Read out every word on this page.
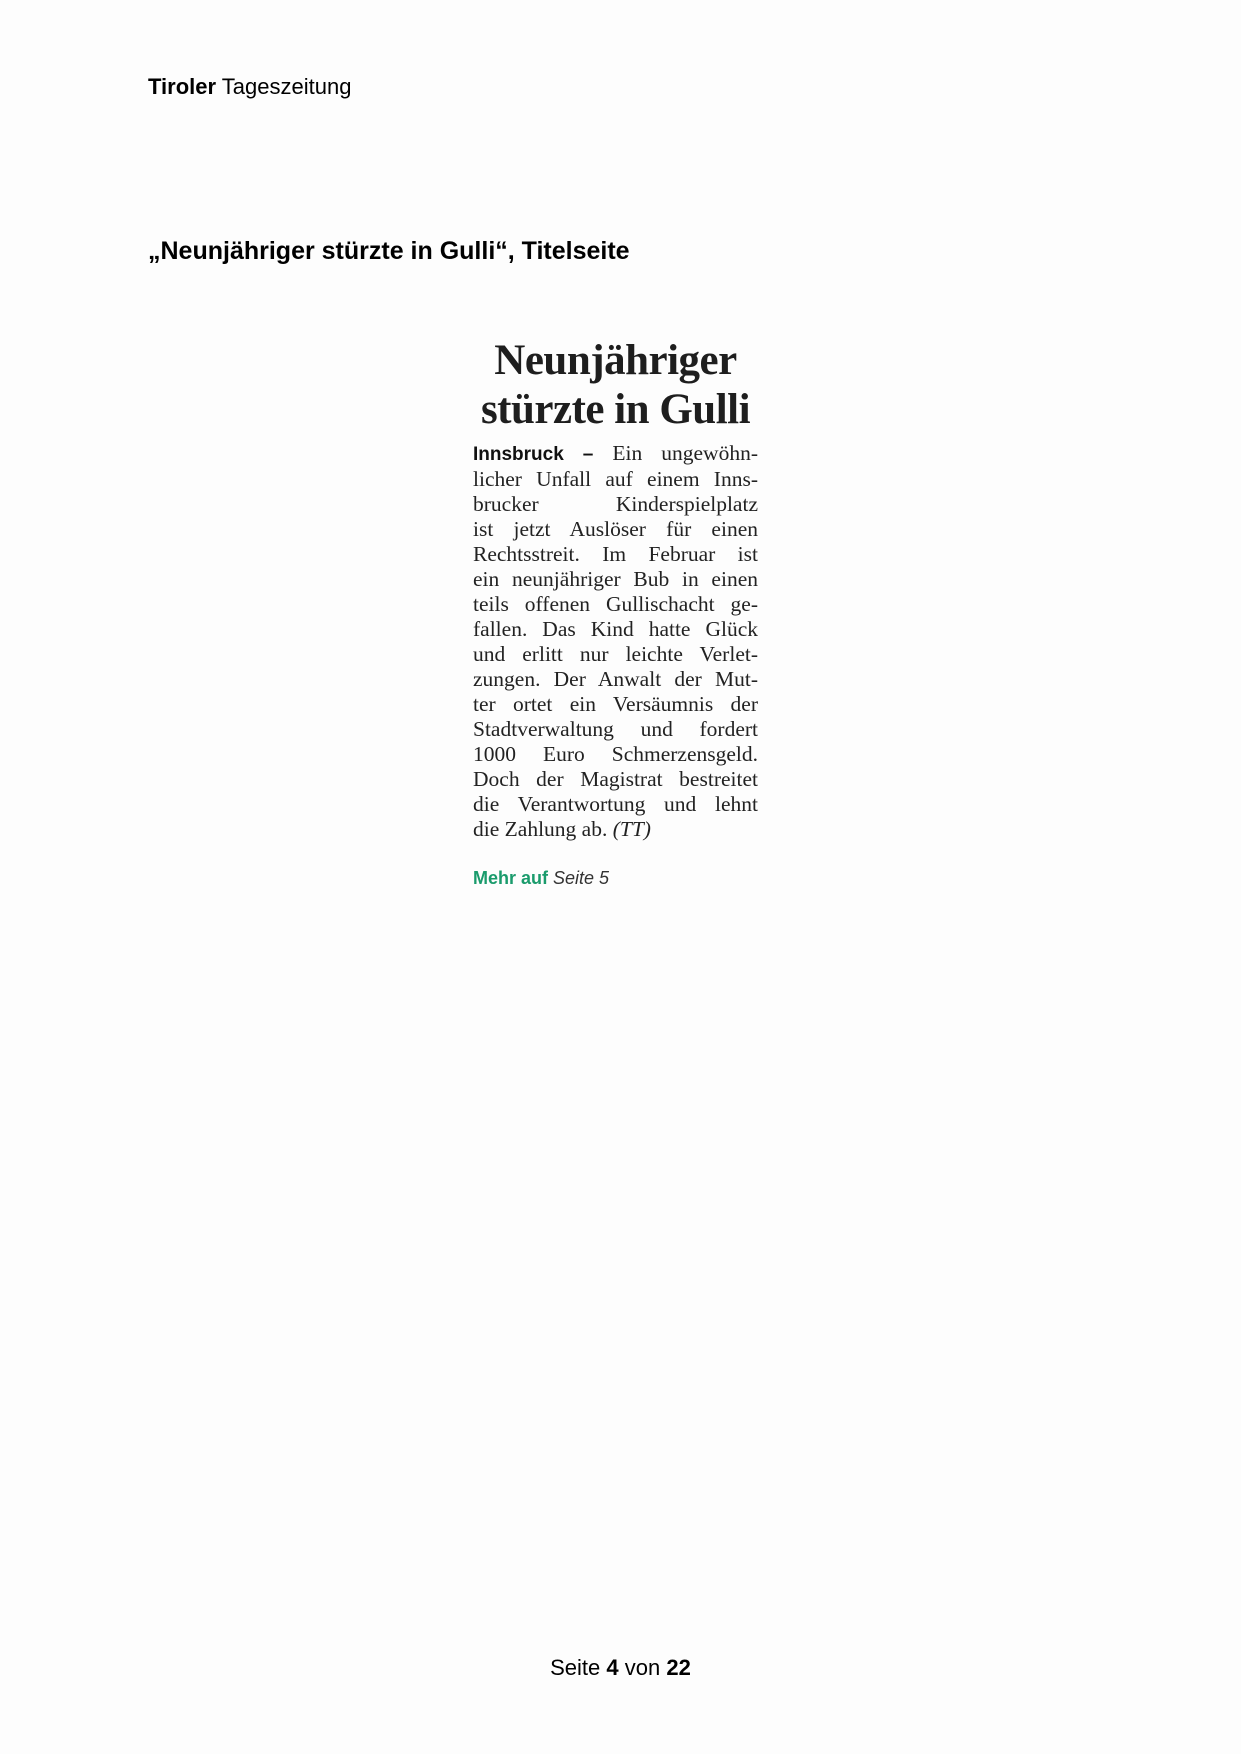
Tiroler Tageszeitung
„Neunjähriger stürzte in Gulli“, Titelseite
Neunjähriger
stürzte in Gulli
Innsbruck – Ein ungewöhn-
licher Unfall auf einem Inns-
brucker Kinderspielplatz
ist jetzt Auslöser für einen
Rechtsstreit. Im Februar ist
ein neunjähriger Bub in einen
teils offenen Gullischacht ge-
fallen. Das Kind hatte Glück
und erlitt nur leichte Verlet-
zungen. Der Anwalt der Mut-
ter ortet ein Versäumnis der
Stadtverwaltung und fordert
1000 Euro Schmerzensgeld.
Doch der Magistrat bestreitet
die Verantwortung und lehnt
die Zahlung ab. (TT)
Mehr auf Seite 5
Seite 4 von 22
